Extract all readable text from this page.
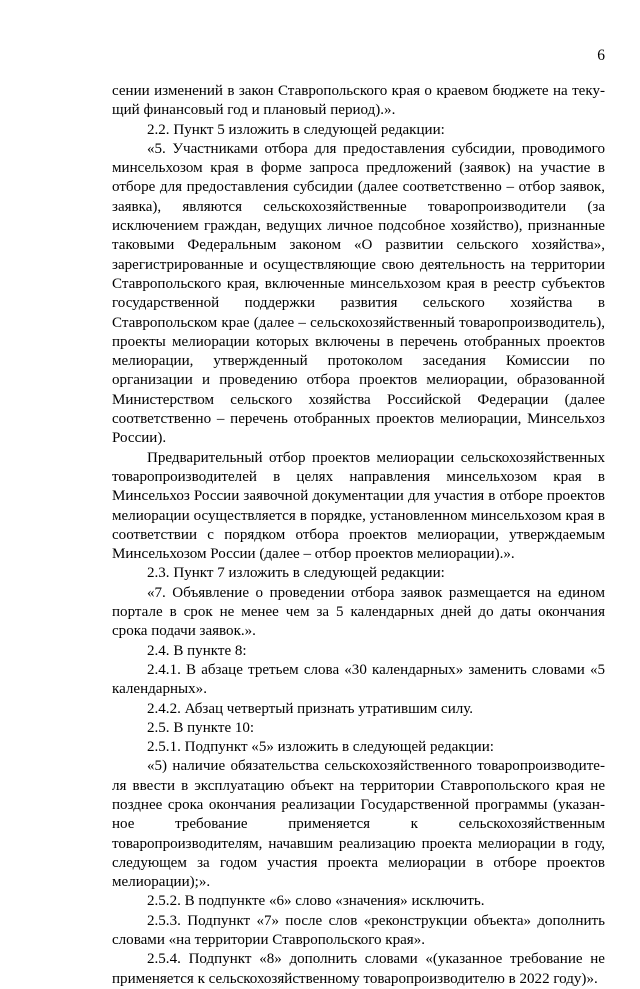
6

сении изменений в закон Ставропольского края о краевом бюджете на текущий финансовый год и плановый период).».

2.2. Пункт 5 изложить в следующей редакции:

«5. Участниками отбора для предоставления субсидии, проводимого минсельхозом края в форме запроса предложений (заявок) на участие в отборе для предоставления субсидии (далее соответственно – отбор заявок, заявка), являются сельскохозяйственные товаропроизводители (за исключением граждан, ведущих личное подсобное хозяйство), признанные таковыми Федеральным законом «О развитии сельского хозяйства», зарегистрированные и осуществляющие свою деятельность на территории Ставропольского края, включенные минсельхозом края в реестр субъектов государственной поддержки развития сельского хозяйства в Ставропольском крае (далее – сельскохозяйственный товаропроизводитель), проекты мелиорации которых включены в перечень отобранных проектов мелиорации, утвержденный протоколом заседания Комиссии по организации и проведению отбора проектов мелиорации, образованной Министерством сельского хозяйства Российской Федерации (далее соответственно – перечень отобранных проектов мелиорации, Минсельхоз России).

Предварительный отбор проектов мелиорации сельскохозяйственных товаропроизводителей в целях направления минсельхозом края в Минсельхоз России заявочной документации для участия в отборе проектов мелиорации осуществляется в порядке, установленном минсельхозом края в соответствии с порядком отбора проектов мелиорации, утверждаемым Минсельхозом России (далее – отбор проектов мелиорации).».

2.3. Пункт 7 изложить в следующей редакции:

«7. Объявление о проведении отбора заявок размещается на едином портале в срок не менее чем за 5 календарных дней до даты окончания срока подачи заявок.».

2.4. В пункте 8:

2.4.1. В абзаце третьем слова «30 календарных» заменить словами «5 календарных».

2.4.2. Абзац четвертый признать утратившим силу.

2.5. В пункте 10:

2.5.1. Подпункт «5» изложить в следующей редакции:

«5) наличие обязательства сельскохозяйственного товаропроизводителя ввести в эксплуатацию объект на территории Ставропольского края не позднее срока окончания реализации Государственной программы (указанное требование применяется к сельскохозяйственным товаропроизводителям, начавшим реализацию проекта мелиорации в году, следующем за годом участия проекта мелиорации в отборе проектов мелиорации);».

2.5.2. В подпункте «6» слово «значения» исключить.

2.5.3. Подпункт «7» после слов «реконструкции объекта» дополнить словами «на территории Ставропольского края».

2.5.4. Подпункт «8» дополнить словами «(указанное требование не применяется к сельскохозяйственному товаропроизводителю в 2022 году)».
